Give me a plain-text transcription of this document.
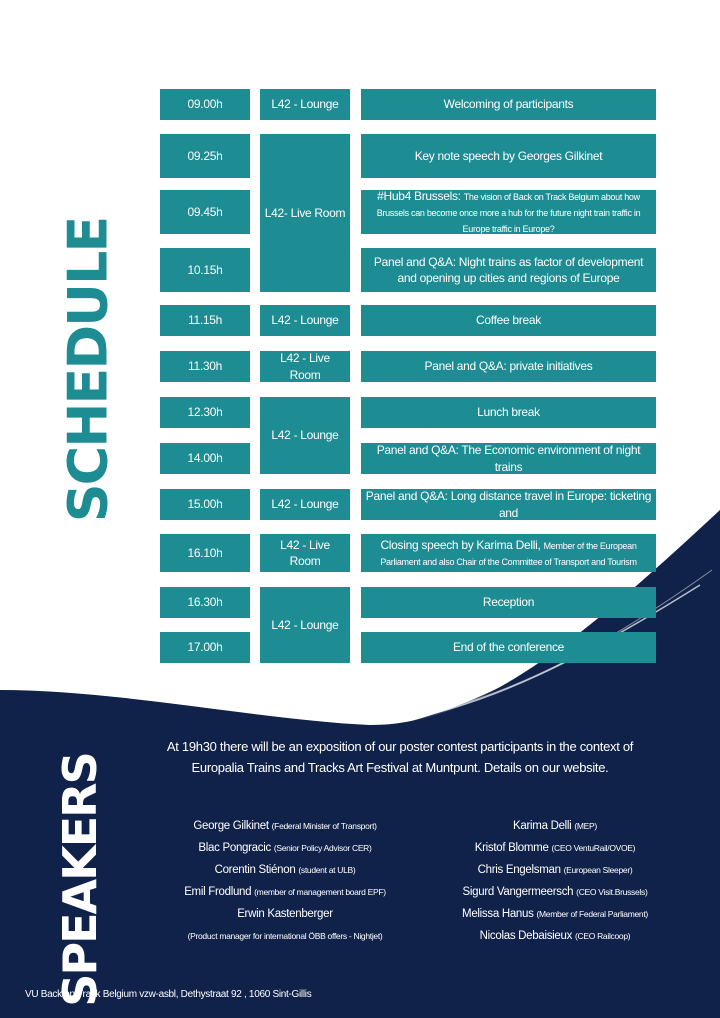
SCHEDULE
SPEAKERS
09.00h
09.25h
09.45h
10.15h
11.15h
11.30h
12.30h
14.00h
15.00h
16.10h
16.30h
17.00h
L42 - Lounge
L42- Live Room
L42 - Lounge
L42 - Live Room
L42 - Lounge
L42 - Lounge
L42 - Live Room
L42 - Lounge
Welcoming of participants
Key note speech by Georges Gilkinet
#Hub4 Brussels: The vision of Back on Track Belgium about how Brussels can become once more a hub for the future night train traffic in Europe traffic in Europe?
Panel and Q&A: Night trains as factor of development and opening up cities and regions of Europe
Coffee break
Panel and Q&A: private initiatives
Lunch break
Panel and Q&A: The Economic environment of night trains
Panel and Q&A: Long distance travel in Europe: ticketing and
Closing speech by Karima Delli, Member of the European Parliament and also Chair of the Committee of Transport and Tourism
Reception
End of the conference
At 19h30 there will be an exposition of our poster contest participants in the context of Europalia Trains and Tracks Art Festival at Muntpunt. Details on our website.
George Gilkinet (Federal Minister of Transport)
Blac Pongracic (Senior Policy Advisor CER)
Corentin Stiénon (student at ULB)
Emil Frodlund (member of management board EPF)
Erwin Kastenberger
(Product manager for international ÖBB offers - Nightjet)
Karima Delli (MEP)
Kristof Blomme (CEO VentuRail/OVOE)
Chris Engelsman (European Sleeper)
Sigurd Vangermeersch (CEO Visit.Brussels)
Melissa Hanus (Member of Federal Parliament)
Nicolas Debaisieux (CEO Railcoop)
VU Back on Track Belgium vzw-asbl, Dethystraat 92 , 1060 Sint-Gillis
